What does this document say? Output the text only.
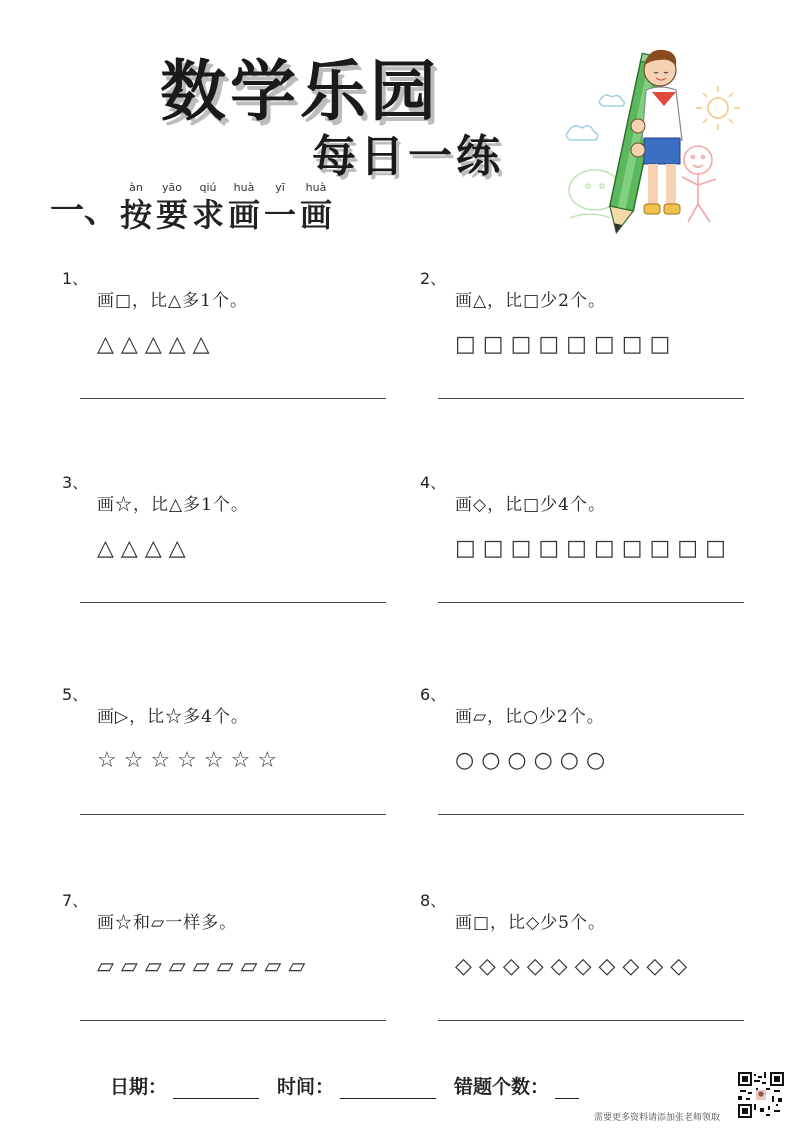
数学乐园
每日一练
一、
àn
按
yāo
要
qiú
求
huà
画
yī
一
huà
画
1、
画□，比△多1个。
△△△△△
2、
画△，比□少2个。
□□□□□□□□
3、
画☆，比△多1个。
△△△△
4、
画◇，比□少4个。
□□□□□□□□□□
5、
画▷，比☆多4个。
☆☆☆☆☆☆☆
6、
画▱，比○少2个。
○○○○○○
7、
画☆和▱一样多。
▱▱▱▱▱▱▱▱▱
8、
画□，比◇少5个。
◇◇◇◇◇◇◇◇◇◇
日期：	时间：	错题个数：
需要更多资料请添加张老师领取
